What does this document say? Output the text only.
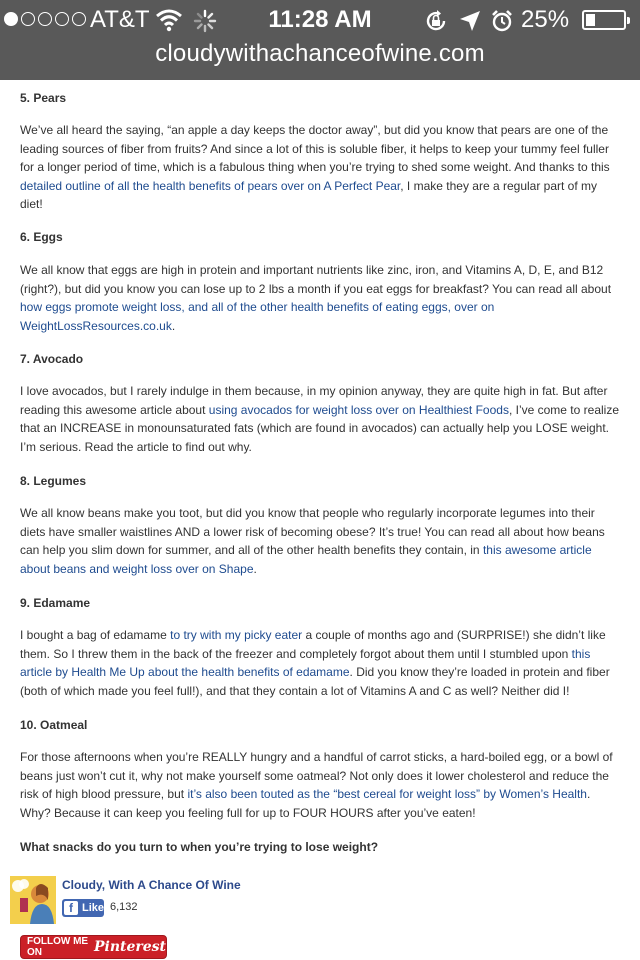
AT&T	11:28 AM	25%
cloudywithachanceofwine.com
5. Pears

We’ve all heard the saying, “an apple a day keeps the doctor away”, but did you know that pears are one of the leading sources of fiber from fruits? And since a lot of this is soluble fiber, it helps to keep your tummy feel fuller for a longer period of time, which is a fabulous thing when you’re trying to shed some weight. And thanks to this detailed outline of all the health benefits of pears over on A Perfect Pear, I make they are a regular part of my diet!

6. Eggs

We all know that eggs are high in protein and important nutrients like zinc, iron, and Vitamins A, D, E, and B12 (right?), but did you know you can lose up to 2 lbs a month if you eat eggs for breakfast? You can read all about how eggs promote weight loss, and all of the other health benefits of eating eggs, over on WeightLossResources.co.uk.

7. Avocado

I love avocados, but I rarely indulge in them because, in my opinion anyway, they are quite high in fat. But after reading this awesome article about using avocados for weight loss over on Healthiest Foods, I’ve come to realize that an INCREASE in monounsaturated fats (which are found in avocados) can actually help you LOSE weight. I’m serious. Read the article to find out why.

8. Legumes

We all know beans make you toot, but did you know that people who regularly incorporate legumes into their diets have smaller waistlines AND a lower risk of becoming obese? It’s true! You can read all about how beans can help you slim down for summer, and all of the other health benefits they contain, in this awesome article about beans and weight loss over on Shape.

9. Edamame

I bought a bag of edamame to try with my picky eater a couple of months ago and (SURPRISE!) she didn’t like them. So I threw them in the back of the freezer and completely forgot about them until I stumbled upon this article by Health Me Up about the health benefits of edamame. Did you know they’re loaded in protein and fiber (both of which made you feel full!), and that they contain a lot of Vitamins A and C as well? Neither did I!

10. Oatmeal

For those afternoons when you’re REALLY hungry and a handful of carrot sticks, a hard-boiled egg, or a bowl of beans just won’t cut it, why not make yourself some oatmeal? Not only does it lower cholesterol and reduce the risk of high blood pressure, but it’s also been touted as the “best cereal for weight loss” by Women’s Health. Why? Because it can keep you feeling full for up to FOUR HOURS after you’ve eaten!

What snacks do you turn to when you’re trying to lose weight?
Cloudy, With A Chance Of Wine
f Like 6,132
FOLLOW ME ON	Pinterest
